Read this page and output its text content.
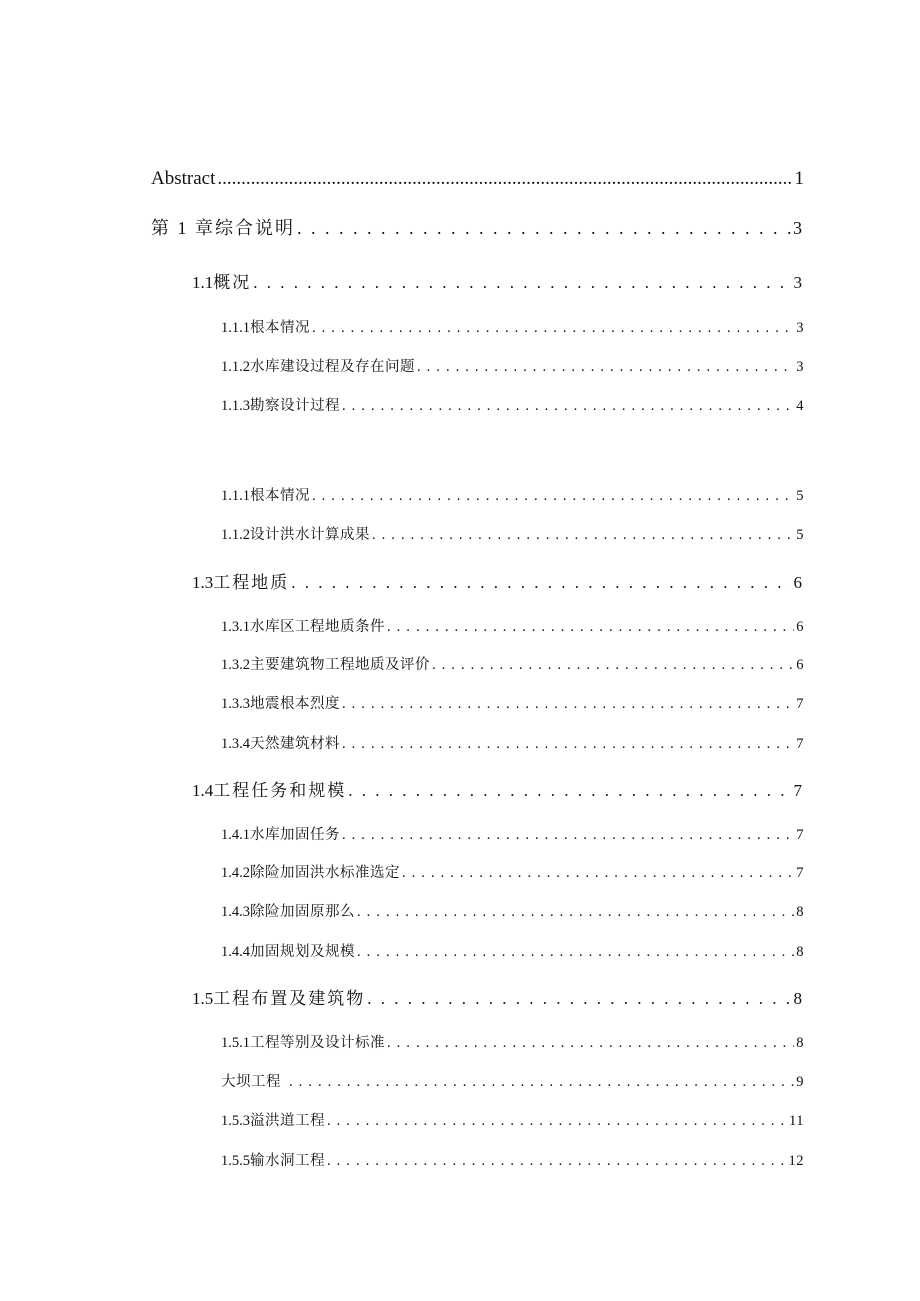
Abstract .....	1
第 1 章综合说明 . . .	3
1.1 概况 . . .	3
1.1.1 根本情况 . . .	3
1.1.2 水库建设过程及存在问题 . . .	3
1.1.3 勘察设计过程 . . .	4
1.1.1 根本情况 . . .	5
1.1.2 设计洪水计算成果 . . .	5
1.3 工程地质 . . .	6
1.3.1 水库区工程地质条件 . . .	6
1.3.2 主要建筑物工程地质及评价 . . .	6
1.3.3 地震根本烈度 . . .	7
1.3.4 天然建筑材料 . . .	7
1.4 工程任务和规模 . . .	7
1.4.1 水库加固任务 . . .	7
1.4.2 除险加固洪水标准选定 . . .	7
1.4.3 除险加固原那么 . . .	8
1.4.4 加固规划及规模 . . .	8
1.5 工程布置及建筑物 . . .	8
1.5.1 工程等别及设计标准 . . .	8
大坝工程 . . .	9
1.5.3 溢洪道工程 . . .	11
1.5.5 输水洞工程 . . .	12
